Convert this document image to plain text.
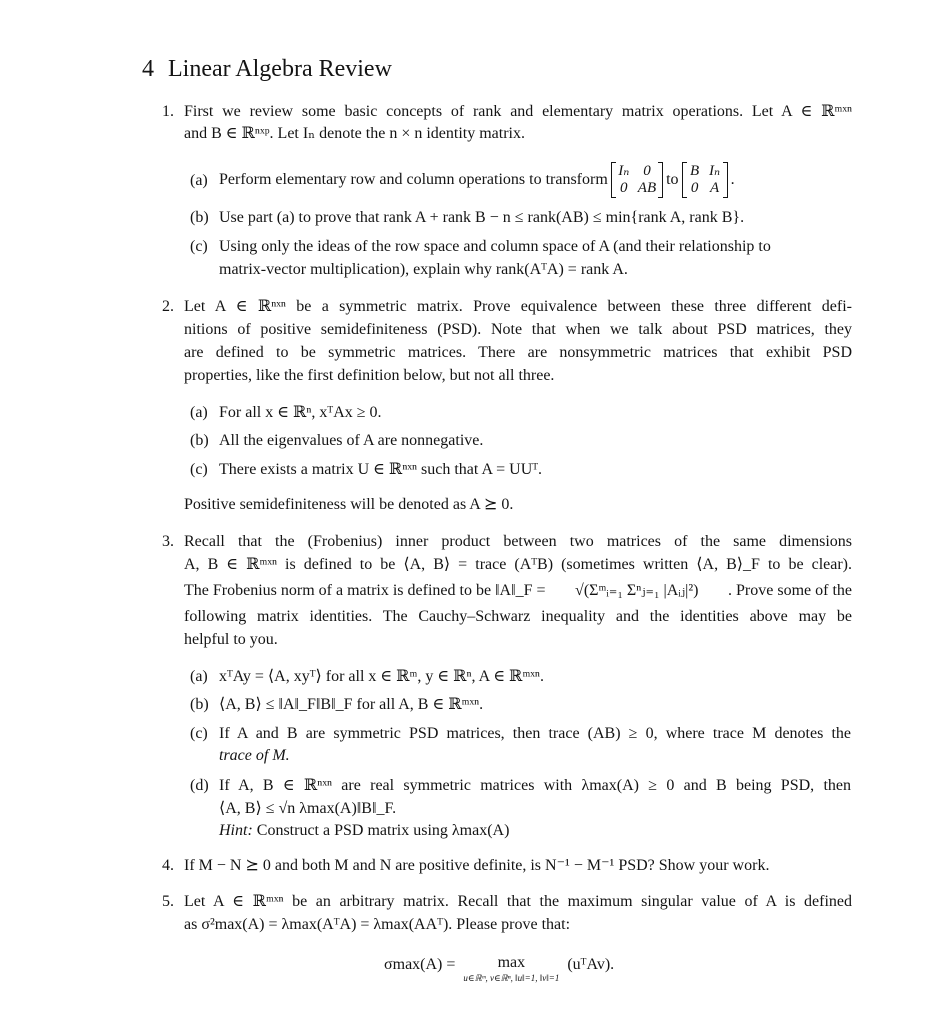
4 Linear Algebra Review
1. First we review some basic concepts of rank and elementary matrix operations. Let A ∈ ℝᵐˣⁿ
and B ∈ ℝⁿˣᵖ. Let Iₙ denote the n × n identity matrix.
(a) Perform elementary row and column operations to transform Iₙ 0
0 AB to B Iₙ
0 A .
(b) Use part (a) to prove that rank A + rank B − n ≤ rank(AB) ≤ min{rank A, rank B}.
(c) Using only the ideas of the row space and column space of A (and their relationship to
matrix-vector multiplication), explain why rank(AᵀA) = rank A.
2. Let A ∈ ℝⁿˣⁿ be a symmetric matrix. Prove equivalence between these three different defi-
nitions of positive semidefiniteness (PSD). Note that when we talk about PSD matrices, they
are defined to be symmetric matrices. There are nonsymmetric matrices that exhibit PSD
properties, like the first definition below, but not all three.
(a) For all x ∈ ℝⁿ, xᵀAx ≥ 0.
(b) All the eigenvalues of A are nonnegative.
(c) There exists a matrix U ∈ ℝⁿˣⁿ such that A = UUᵀ.
Positive semidefiniteness will be denoted as A ⪰ 0.
3. Recall that the (Frobenius) inner product between two matrices of the same dimensions
A, B ∈ ℝᵐˣⁿ is defined to be ⟨A, B⟩ = trace (AᵀB) (sometimes written ⟨A, B⟩_F to be clear).
The Frobenius norm of a matrix is defined to be ‖A‖_F = √(Σᵐᵢ₌₁ Σⁿⱼ₌₁ |Aᵢⱼ|²) . Prove some of the
following matrix identities. The Cauchy–Schwarz inequality and the identities above may be
helpful to you.
(a) xᵀAy = ⟨A, xyᵀ⟩ for all x ∈ ℝᵐ, y ∈ ℝⁿ, A ∈ ℝᵐˣⁿ.
(b) ⟨A, B⟩ ≤ ‖A‖_F‖B‖_F for all A, B ∈ ℝᵐˣⁿ.
(c) If A and B are symmetric PSD matrices, then trace (AB) ≥ 0, where trace M denotes the
trace of M.
(d) If A, B ∈ ℝⁿˣⁿ are real symmetric matrices with λmax(A) ≥ 0 and B being PSD, then
⟨A, B⟩ ≤ √n λmax(A)‖B‖_F.
Hint: Construct a PSD matrix using λmax(A)
4. If M − N ⪰ 0 and both M and N are positive definite, is N⁻¹ − M⁻¹ PSD? Show your work.
5. Let A ∈ ℝᵐˣⁿ be an arbitrary matrix. Recall that the maximum singular value of A is defined
as σ²max(A) = λmax(AᵀA) = λmax(AAᵀ). Please prove that:
σmax(A) =	max
u∈ℝᵐ, v∈ℝⁿ, ‖u‖=1, ‖v‖=1
(uᵀAv).
